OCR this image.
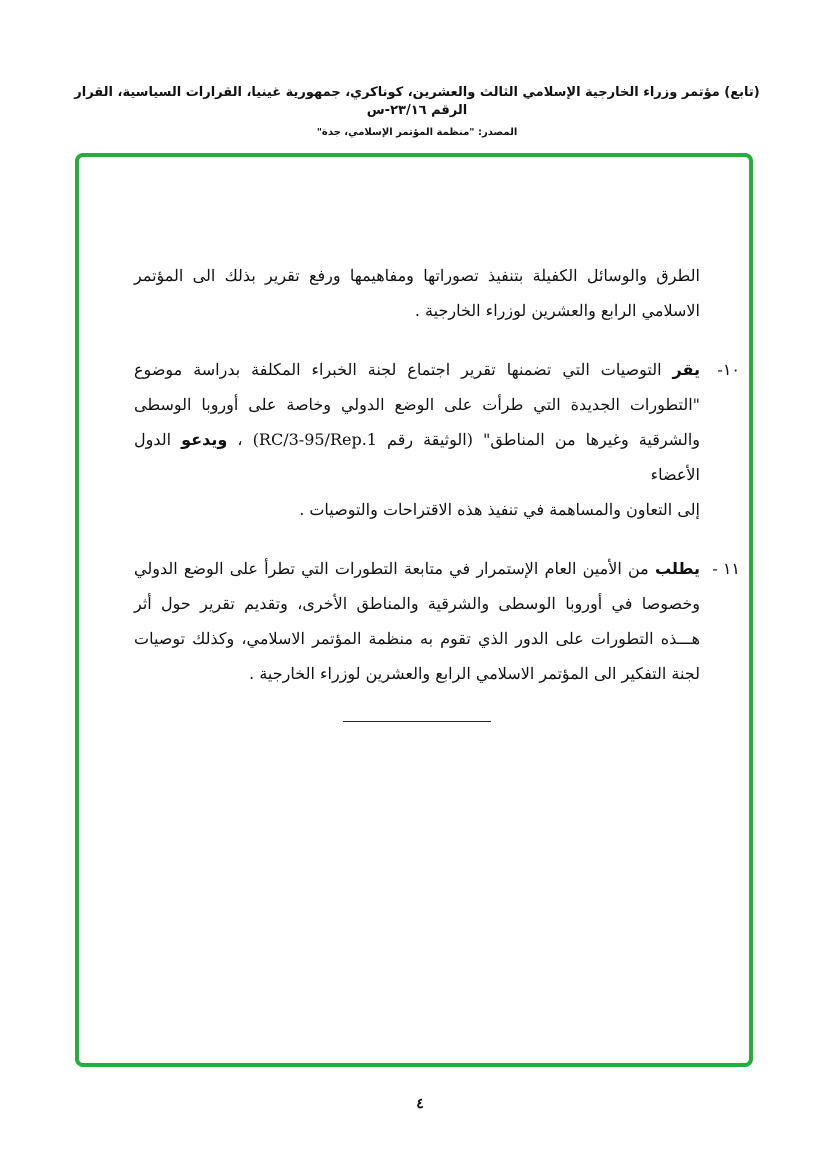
(تابع) مؤتمر وزراء الخارجية الإسلامي الثالث والعشرين، كوناكري، جمهورية غينيا، القرارات السياسية، القرار الرقم ٢٣/١٦-س
المصدر: "منظمة المؤتمر الإسلامي، جدة"
الطرق والوسائل الكفيلة بتنفيذ تصوراتها ومفاهيمها ورفع تقرير بذلك الى المؤتمر
الاسلامي الرابع والعشرين لوزراء الخارجية .
١٠-
يقر التوصيات التي تضمنها تقرير اجتماع لجنة الخبراء المكلفة بدراسة موضوع
"التطورات الجديدة التي طرأت على الوضع الدولي وخاصة على أوروبا الوسطى
والشرقية وغيرها من المناطق" (الوثيقة رقم RC/3-95/Rep.1) ، ويدعو الدول الأعضاء
إلى التعاون والمساهمة في تنفيذ هذه الاقتراحات والتوصيات .
١١ -
يطلب من الأمين العام الإستمرار في متابعة التطورات التي تطرأ على الوضع الدولي
وخصوصا في أوروبا الوسطى والشرقية والمناطق الأخرى، وتقديم تقرير حول أثر
هـــذه التطورات على الدور الذي تقوم به منظمة المؤتمر الاسلامي، وكذلك توصيات
لجنة التفكير الى المؤتمر الاسلامي الرابع والعشرين لوزراء الخارجية .
٤
